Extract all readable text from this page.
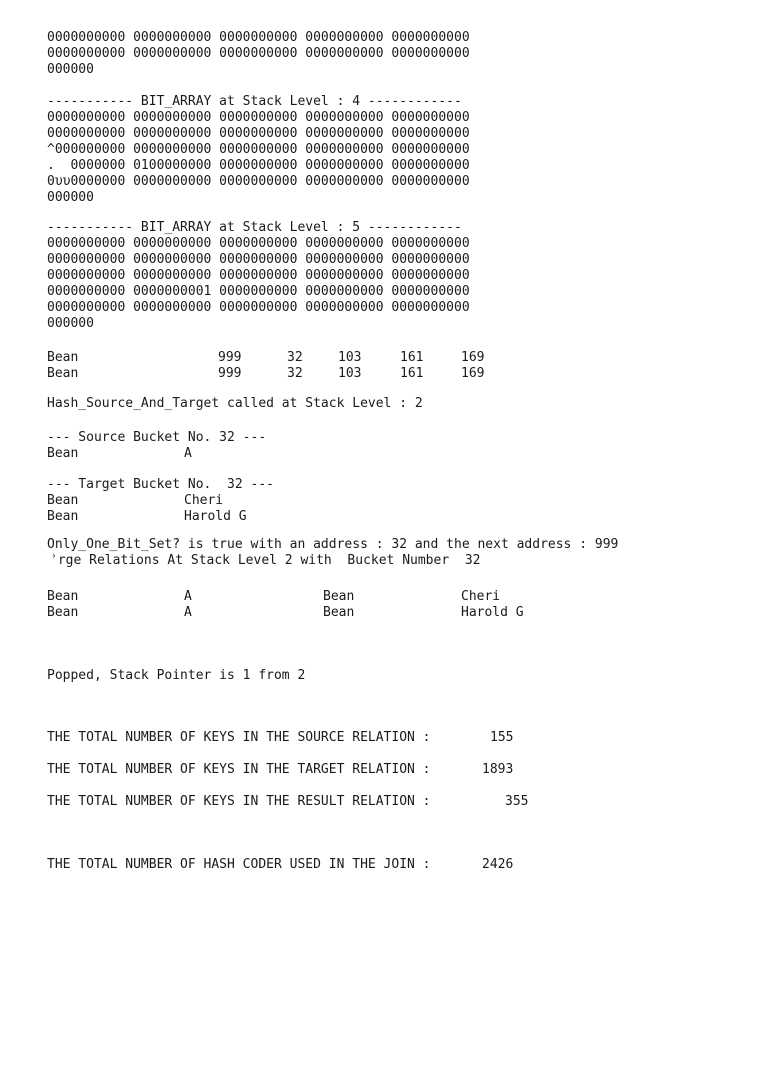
0000000000 0000000000 0000000000 0000000000 0000000000
0000000000 0000000000 0000000000 0000000000 0000000000
000000
----------- BIT_ARRAY at Stack Level : 4 ------------
0000000000 0000000000 0000000000 0000000000 0000000000
0000000000 0000000000 0000000000 0000000000 0000000000
^000000000 0000000000 0000000000 0000000000 0000000000
.  0000000 0100000000 0000000000 0000000000 0000000000
0υυ0000000 0000000000 0000000000 0000000000 0000000000
000000
----------- BIT_ARRAY at Stack Level : 5 ------------
0000000000 0000000000 0000000000 0000000000 0000000000
0000000000 0000000000 0000000000 0000000000 0000000000
0000000000 0000000000 0000000000 0000000000 0000000000
0000000000 0000000001 0000000000 0000000000 0000000000
0000000000 0000000000 0000000000 0000000000 0000000000
000000
Bean	999	32	103	161	169
Bean	999	32	103	161	169
Hash_Source_And_Target called at Stack Level : 2
--- Source Bucket No. 32 ---
Bean	A
--- Target Bucket No.  32 ---
Bean	Cheri
Bean	Harold G
Only_One_Bit_Set? is true with an address : 32 and the next address : 999
ʾrge Relations At Stack Level 2 with  Bucket Number  32
Bean	A	Bean	Cheri
Bean	A	Bean	Harold G
Popped, Stack Pointer is 1 from 2
THE TOTAL NUMBER OF KEYS IN THE SOURCE RELATION :	155
THE TOTAL NUMBER OF KEYS IN THE TARGET RELATION :	1893
THE TOTAL NUMBER OF KEYS IN THE RESULT RELATION :	355
THE TOTAL NUMBER OF HASH CODER USED IN THE JOIN :	2426
